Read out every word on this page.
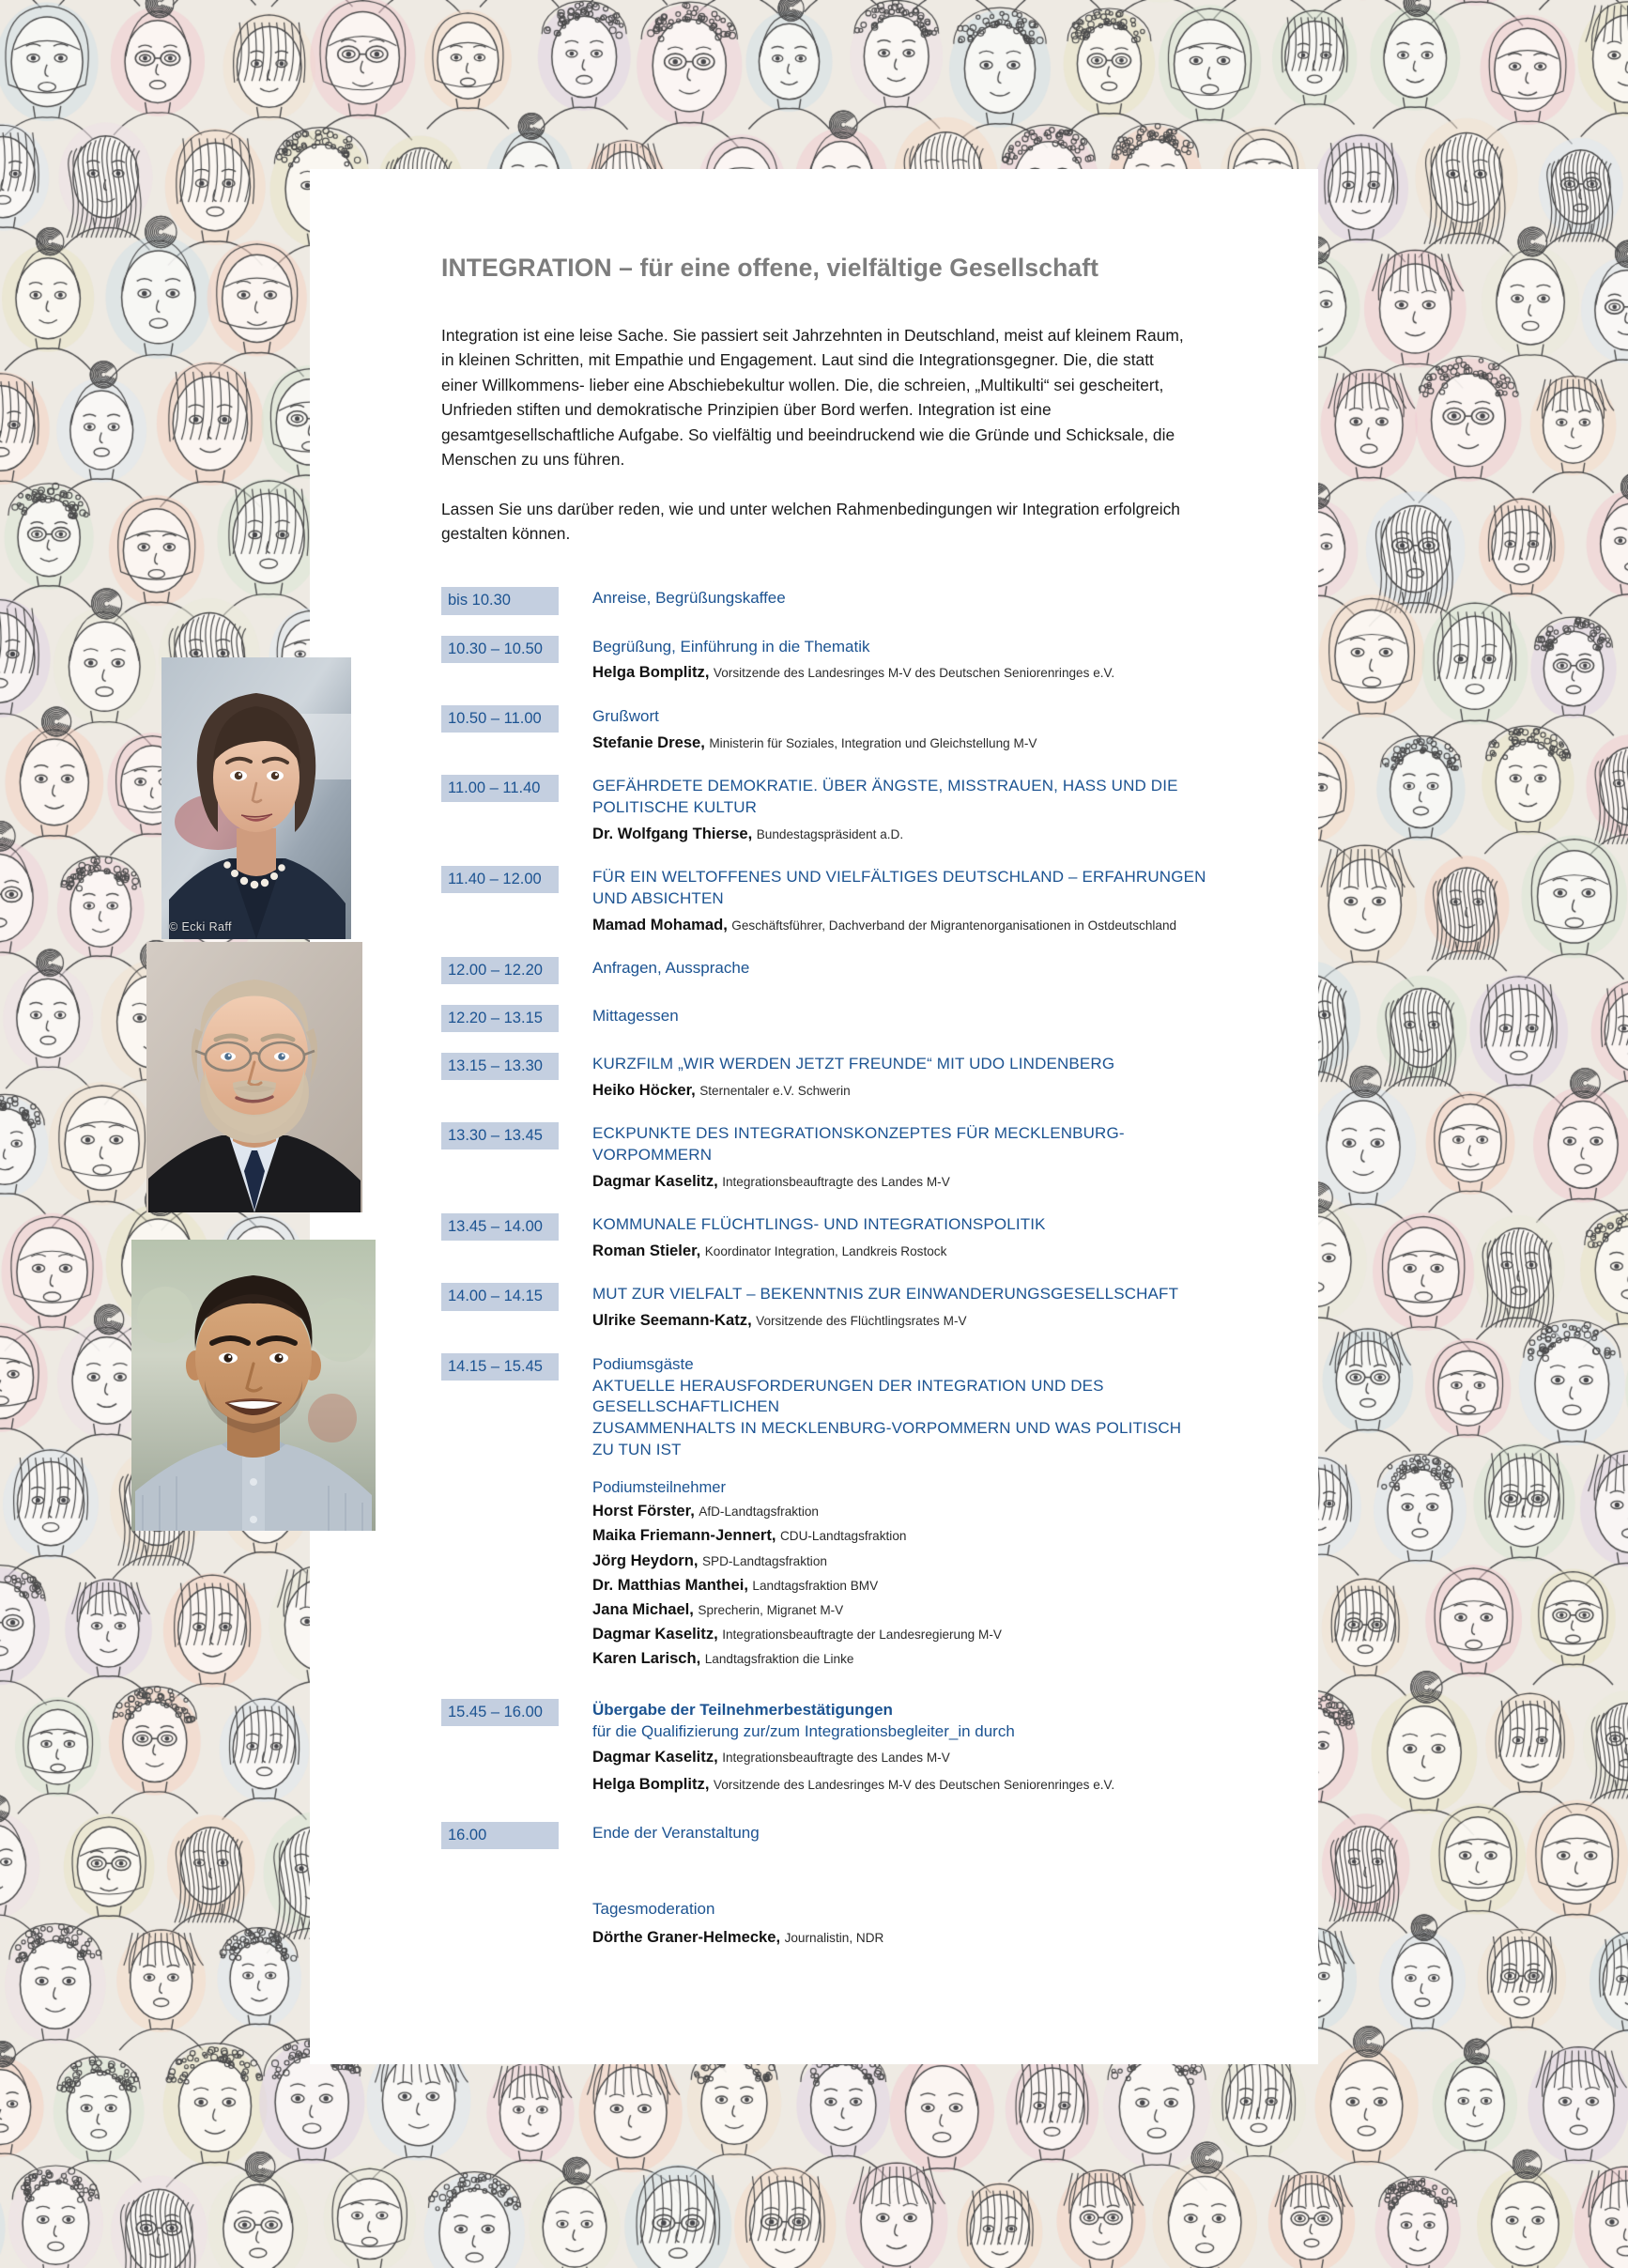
© Ecki Raff
INTEGRATION – für eine offene, vielfältige Gesellschaft

Integration ist eine leise Sache. Sie passiert seit Jahrzehnten in Deutschland, meist auf kleinem Raum, in kleinen Schritten, mit Empathie und Engagement. Laut sind die Integrationsgegner. Die, die statt einer Willkommens- lieber eine Abschiebekultur wollen. Die, die schreien, „Multikulti“ sei gescheitert, Unfrieden stiften und demokratische Prinzipien über Bord werfen. Integration ist eine gesamtgesellschaftliche Aufgabe. So vielfältig und beeindruckend wie die Gründe und Schicksale, die Menschen zu uns führen.

Lassen Sie uns darüber reden, wie und unter welchen Rahmenbedingungen wir Integration erfolgreich gestalten können.

bis 10.30	Anreise, Begrüßungskaffee
10.30 – 10.50	Begrüßung, Einführung in die Thematik
Helga Bomplitz, Vorsitzende des Landesringes M-V des Deutschen Seniorenringes e.V.
10.50 – 11.00	Grußwort
Stefanie Drese, Ministerin für Soziales, Integration und Gleichstellung M-V
11.00 – 11.40	GEFÄHRDETE DEMOKRATIE. ÜBER ÄNGSTE, MISSTRAUEN, HASS UND DIE POLITISCHE KULTUR
Dr. Wolfgang Thierse, Bundestagspräsident a.D.
11.40 – 12.00	FÜR EIN WELTOFFENES UND VIELFÄLTIGES DEUTSCHLAND – ERFAHRUNGEN UND ABSICHTEN
Mamad Mohamad, Geschäftsführer, Dachverband der Migrantenorganisationen in Ostdeutschland
12.00 – 12.20	Anfragen, Aussprache
12.20 – 13.15	Mittagessen
13.15 – 13.30	KURZFILM „WIR WERDEN JETZT FREUNDE“ MIT UDO LINDENBERG
Heiko Höcker, Sternentaler e.V. Schwerin
13.30 – 13.45	ECKPUNKTE DES INTEGRATIONSKONZEPTES FÜR MECKLENBURG-VORPOMMERN
Dagmar Kaselitz, Integrationsbeauftragte des Landes M-V
13.45 – 14.00	KOMMUNALE FLÜCHTLINGS- UND INTEGRATIONSPOLITIK
Roman Stieler, Koordinator Integration, Landkreis Rostock
14.00 – 14.15	MUT ZUR VIELFALT – BEKENNTNIS ZUR EINWANDERUNGSGESELLSCHAFT
Ulrike Seemann-Katz, Vorsitzende des Flüchtlingsrates M-V
14.15 – 15.45	Podiumsgäste
AKTUELLE HERAUSFORDERUNGEN DER INTEGRATION UND DES GESELLSCHAFTLICHEN
ZUSAMMENHALTS IN MECKLENBURG-VORPOMMERN UND WAS POLITISCH ZU TUN IST
Podiumsteilnehmer
Horst Förster, AfD-Landtagsfraktion
Maika Friemann-Jennert, CDU-Landtagsfraktion
Jörg Heydorn, SPD-Landtagsfraktion
Dr. Matthias Manthei, Landtagsfraktion BMV
Jana Michael, Sprecherin, Migranet M-V
Dagmar Kaselitz, Integrationsbeauftragte der Landesregierung M-V
Karen Larisch, Landtagsfraktion die Linke
15.45 – 16.00	Übergabe der Teilnehmerbestätigungen
für die Qualifizierung zur/zum Integrationsbegleiter_in durch
Dagmar Kaselitz, Integrationsbeauftragte des Landes M-V
Helga Bomplitz, Vorsitzende des Landesringes M-V des Deutschen Seniorenringes e.V.
16.00	Ende der Veranstaltung
Tagesmoderation
Dörthe Graner-Helmecke, Journalistin, NDR
